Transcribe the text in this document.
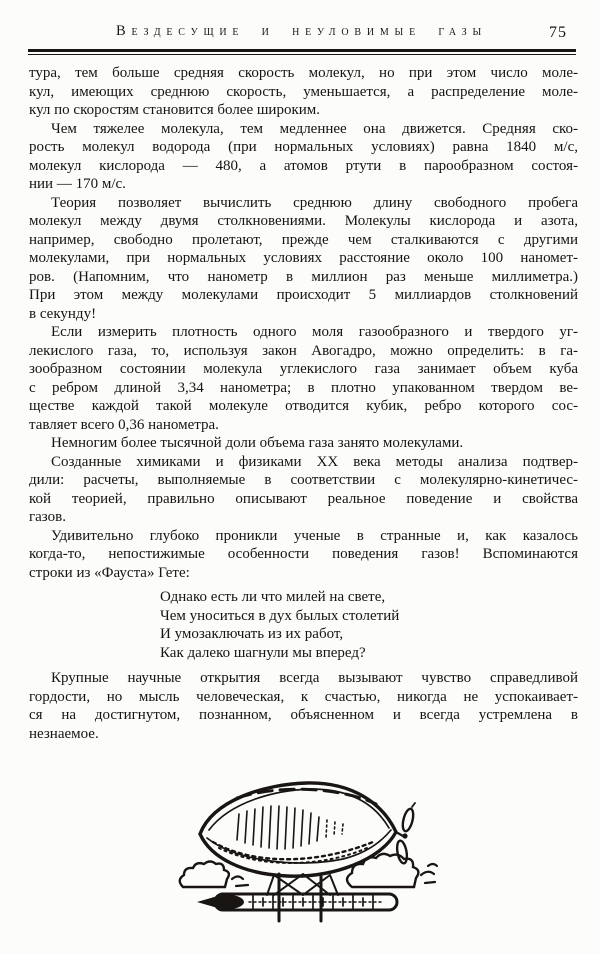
Вездесущие и неуловимые газы	75
тура, тем больше средняя скорость молекул, но при этом число моле-
кул, имеющих среднюю скорость, уменьшается, а распределение моле-
кул по скоростям становится более широким.
Чем тяжелее молекула, тем медленнее она движется. Средняя ско-
рость молекул водорода (при нормальных условиях) равна 1840 м/с,
молекул кислорода — 480, а атомов ртути в парообразном состоя-
нии — 170 м/с.
Теория позволяет вычислить среднюю длину свободного пробега
молекул между двумя столкновениями. Молекулы кислорода и азота,
например, свободно пролетают, прежде чем сталкиваются с другими
молекулами, при нормальных условиях расстояние около 100 наномет-
ров. (Напомним, что нанометр в миллион раз меньше миллиметра.)
При этом между молекулами происходит 5 миллиардов столкновений
в секунду!
Если измерить плотность одного моля газообразного и твердого уг-
лекислого газа, то, используя закон Авогадро, можно определить: в га-
зообразном состоянии молекула углекислого газа занимает объем куба
с ребром длиной 3,34 нанометра; в плотно упакованном твердом ве-
ществе каждой такой молекуле отводится кубик, ребро которого сос-
тавляет всего 0,36 нанометра.
Немногим более тысячной доли объема газа занято молекулами.
Созданные химиками и физиками XX века методы анализа подтвер-
дили: расчеты, выполняемые в соответствии с молекулярно-кинетичес-
кой теорией, правильно описывают реальное поведение и свойства
газов.
Удивительно глубоко проникли ученые в странные и, как казалось
когда-то, непостижимые особенности поведения газов! Вспоминаются
строки из «Фауста» Гете:
Однако есть ли что милей на свете,
Чем уноситься в дух былых столетий
И умозаключать из их работ,
Как далеко шагнули мы вперед?
Крупные научные открытия всегда вызывают чувство справедливой
гордости, но мысль человеческая, к счастью, никогда не успокаивает-
ся на достигнутом, познанном, объясненном и всегда устремлена в
незнаемое.
